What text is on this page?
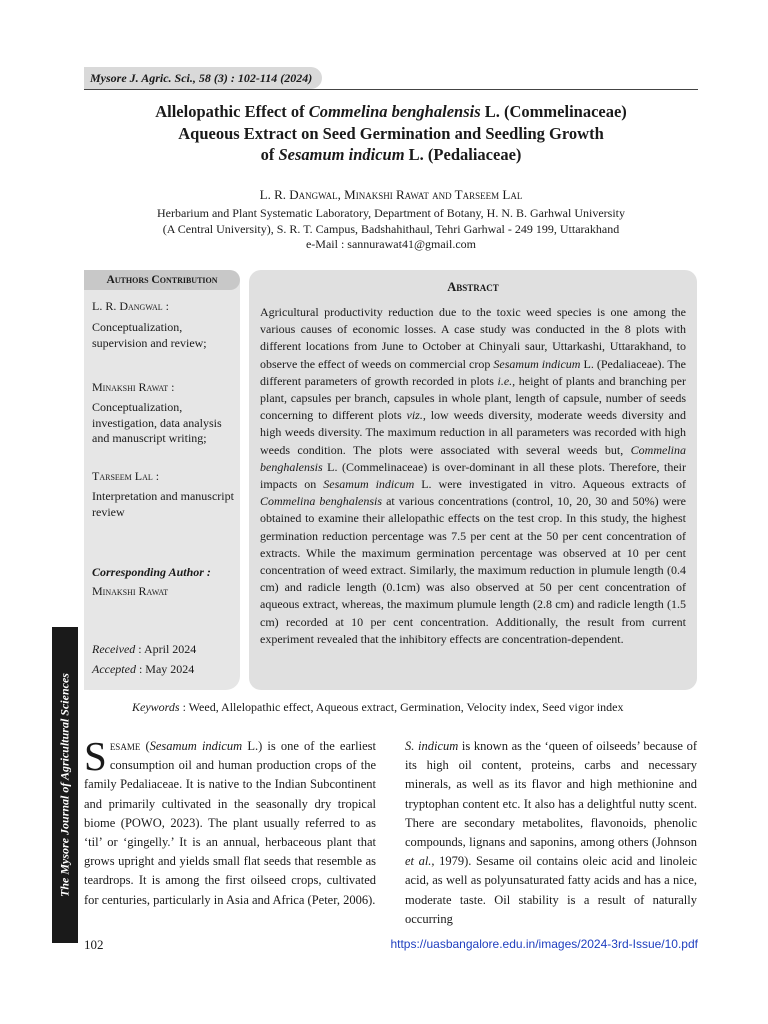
Mysore J. Agric. Sci., 58 (3) : 102-114 (2024)
Allelopathic Effect of Commelina benghalensis L. (Commelinaceae)
Aqueous Extract on Seed Germination and Seedling Growth
of Sesamum indicum L. (Pedaliaceae)
L. R. Dangwal, Minakshi Rawat and Tarseem Lal
Herbarium and Plant Systematic Laboratory, Department of Botany, H. N. B. Garhwal University
(A Central University), S. R. T. Campus, Badshahithaul, Tehri Garhwal - 249 199, Uttarakhand
e-Mail : sannurawat41@gmail.com
Authors Contribution
L. R. Dangwal :
Conceptualization, supervision and review;
Minakshi Rawat :
Conceptualization, investigation, data analysis and manuscript writing;
Tarseem Lal :
Interpretation and manuscript review
Corresponding Author :
Minakshi Rawat
Received : April 2024
Accepted : May 2024
Abstract
Agricultural productivity reduction due to the toxic weed species is one among the various causes of economic losses. A case study was conducted in the 8 plots with different locations from June to October at Chinyali saur, Uttarkashi, Uttarakhand, to observe the effect of weeds on commercial crop Sesamum indicum L. (Pedaliaceae). The different parameters of growth recorded in plots i.e., height of plants and branching per plant, capsules per branch, capsules in whole plant, length of capsule, number of seeds concerning to different plots viz., low weeds diversity, moderate weeds diversity and high weeds diversity. The maximum reduction in all parameters was recorded with high weeds condition. The plots were associated with several weeds but, Commelina benghalensis L. (Commelinaceae) is over-dominant in all these plots. Therefore, their impacts on Sesamum indicum L. were investigated in vitro. Aqueous extracts of Commelina benghalensis at various concentrations (control, 10, 20, 30 and 50%) were obtained to examine their allelopathic effects on the test crop. In this study, the highest germination reduction percentage was 7.5 per cent at the 50 per cent concentration of extracts. While the maximum germination percentage was observed at 10 per cent concentration of weed extract. Similarly, the maximum reduction in plumule length (0.4 cm) and radicle length (0.1cm) was also observed at 50 per cent concentration of aqueous extract, whereas, the maximum plumule length (2.8 cm) and radicle length (1.5 cm) recorded at 10 per cent concentration. Additionally, the result from current experiment revealed that the inhibitory effects are concentration-dependent.
Keywords : Weed, Allelopathic effect, Aqueous extract, Germination, Velocity index, Seed vigor index
Sesame (Sesamum indicum L.) is one of the earliest consumption oil and human production crops of the family Pedaliaceae. It is native to the Indian Subcontinent and primarily cultivated in the seasonally dry tropical biome (POWO, 2023). The plant usually referred to as ‘til’ or ‘gingelly.’ It is an annual, herbaceous plant that grows upright and yields small flat seeds that resemble as teardrops. It is among the first oilseed crops, cultivated for centuries, particularly in Asia and Africa (Peter, 2006).
S. indicum is known as the ‘queen of oilseeds’ because of its high oil content, proteins, carbs and necessary minerals, as well as its flavor and high methionine and tryptophan content etc. It also has a delightful nutty scent. There are secondary metabolites, flavonoids, phenolic compounds, lignans and saponins, among others (Johnson et al., 1979). Sesame oil contains oleic acid and linoleic acid, as well as polyunsaturated fatty acids and has a nice, moderate taste. Oil stability is a result of naturally occurring
The Mysore Journal of Agricultural Sciences
102	https://uasbangalore.edu.in/images/2024-3rd-Issue/10.pdf
